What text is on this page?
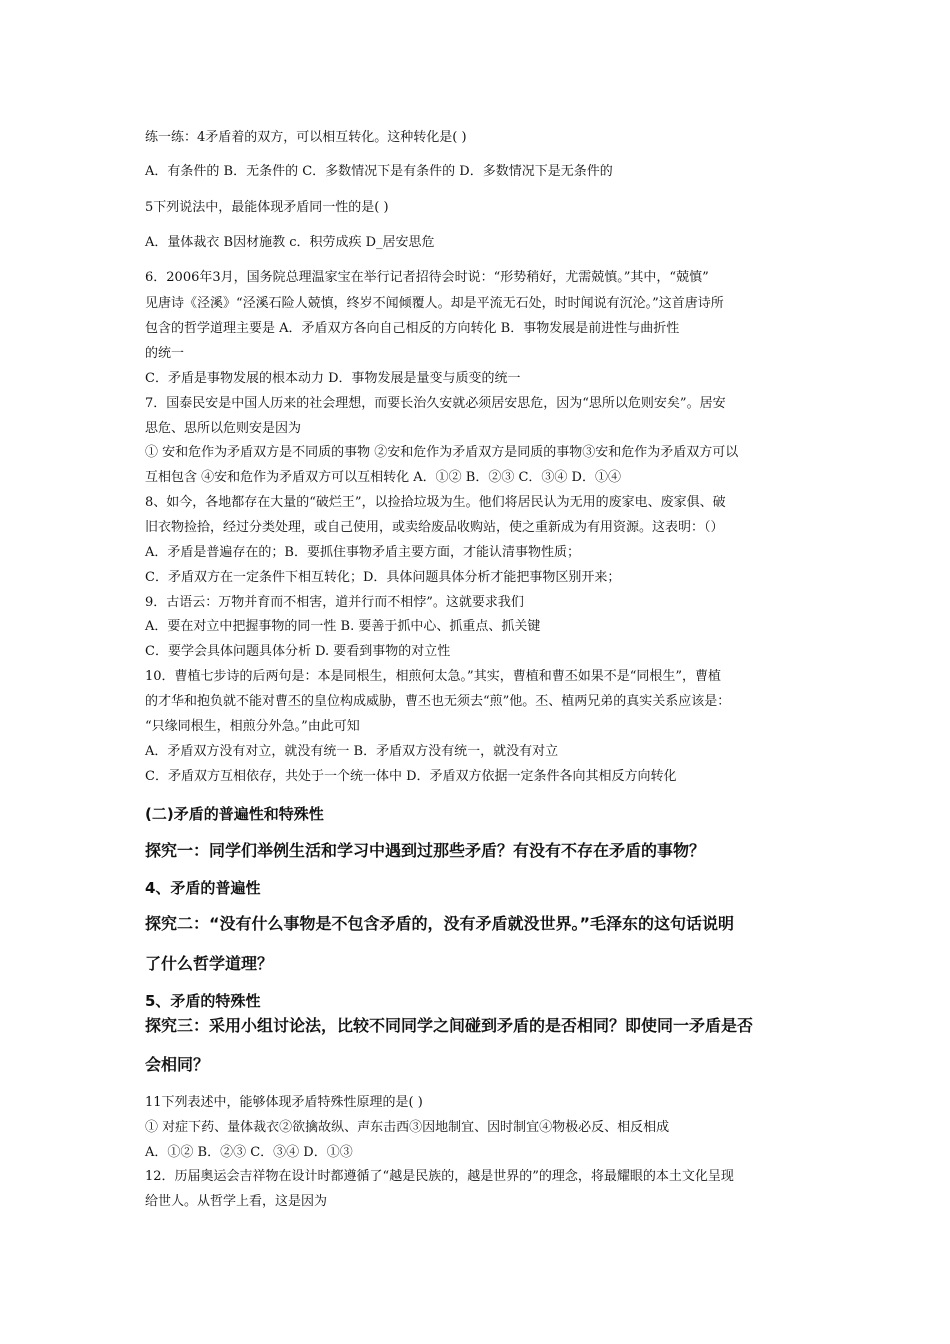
练一练：4矛盾着的双方，可以相互转化。这种转化是( )
A．有条件的 B．无条件的 C．多数情况下是有条件的 D．多数情况下是无条件的
5下列说法中，最能体现矛盾同一性的是( )
A．量体裁衣 B因材施教 c．积劳成疾 D_居安思危
6．2006年3月，国务院总理温家宝在举行记者招待会时说：“形势稍好，尤需兢慎。”其中，“兢慎”
见唐诗《泾溪》“泾溪石险人兢慎，终岁不闻倾覆人。却是平流无石处，时时闻说有沉沦。”这首唐诗所
包含的哲学道理主要是 A．矛盾双方各向自己相反的方向转化 B．事物发展是前进性与曲折性
的统一
C．矛盾是事物发展的根本动力 D．事物发展是量变与质变的统一
7．国泰民安是中国人历来的社会理想，而要长治久安就必须居安思危，因为“思所以危则安矣”。居安
思危、思所以危则安是因为
① 安和危作为矛盾双方是不同质的事物 ②安和危作为矛盾双方是同质的事物③安和危作为矛盾双方可以
互相包含 ④安和危作为矛盾双方可以互相转化 A．①② B．②③ C．③④ D．①④
8、如今，各地都存在大量的“破烂王”，以捡拾垃圾为生。他们将居民认为无用的废家电、废家俱、破
旧衣物捡拾，经过分类处理，或自己使用，或卖给废品收购站，使之重新成为有用资源。这表明：（）
A．矛盾是普遍存在的；B．要抓住事物矛盾主要方面，才能认清事物性质；
C．矛盾双方在一定条件下相互转化；D．具体问题具体分析才能把事物区别开来；
9．古语云：万物并育而不相害，道并行而不相悖”。这就要求我们
A．要在对立中把握事物的同一性 B. 要善于抓中心、抓重点、抓关键
C．要学会具体问题具体分析 D. 要看到事物的对立性
10．曹植七步诗的后两句是：本是同根生，相煎何太急。”其实，曹植和曹丕如果不是“同根生”，曹植
的才华和抱负就不能对曹丕的皇位构成威胁，曹丕也无须去“煎”他。丕、植两兄弟的真实关系应该是：
“只缘同根生，相煎分外急。”由此可知
A．矛盾双方没有对立，就没有统一 B．矛盾双方没有统一，就没有对立
C．矛盾双方互相依存，共处于一个统一体中 D．矛盾双方依据一定条件各向其相反方向转化
(二)矛盾的普遍性和特殊性
探究一：同学们举例生活和学习中遇到过那些矛盾？有没有不存在矛盾的事物？
4、矛盾的普遍性
探究二：“没有什么事物是不包含矛盾的，没有矛盾就没世界。”毛泽东的这句话说明
了什么哲学道理？
5、矛盾的特殊性
探究三：采用小组讨论法，比较不同同学之间碰到矛盾的是否相同？即使同一矛盾是否
会相同？
11下列表述中，能够体现矛盾特殊性原理的是( )
① 对症下药、量体裁衣②欲擒故纵、声东击西③因地制宜、因时制宜④物极必反、相反相成
A．①② B．②③ C．③④ D．①③
12．历届奥运会吉祥物在设计时都遵循了“越是民族的，越是世界的”的理念，将最耀眼的本土文化呈现
给世人。从哲学上看，这是因为
